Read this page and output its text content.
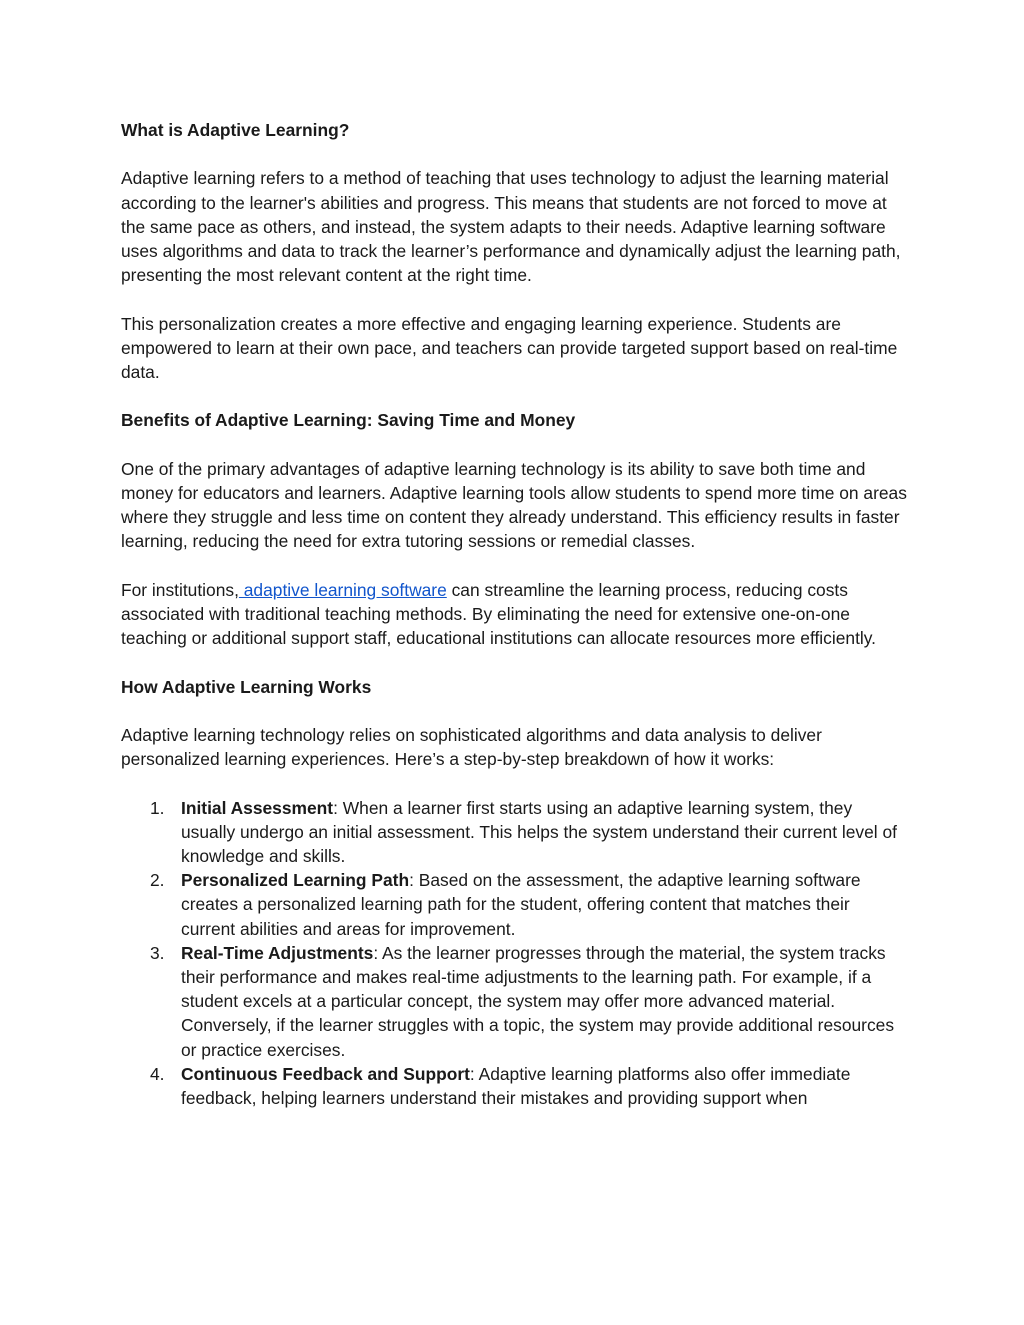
What is Adaptive Learning?

Adaptive learning refers to a method of teaching that uses technology to adjust the learning material according to the learner's abilities and progress. This means that students are not forced to move at the same pace as others, and instead, the system adapts to their needs. Adaptive learning software uses algorithms and data to track the learner’s performance and dynamically adjust the learning path, presenting the most relevant content at the right time.

This personalization creates a more effective and engaging learning experience. Students are empowered to learn at their own pace, and teachers can provide targeted support based on real-time data.

Benefits of Adaptive Learning: Saving Time and Money

One of the primary advantages of adaptive learning technology is its ability to save both time and money for educators and learners. Adaptive learning tools allow students to spend more time on areas where they struggle and less time on content they already understand. This efficiency results in faster learning, reducing the need for extra tutoring sessions or remedial classes.

For institutions, adaptive learning software can streamline the learning process, reducing costs associated with traditional teaching methods. By eliminating the need for extensive one-on-one teaching or additional support staff, educational institutions can allocate resources more efficiently.

How Adaptive Learning Works

Adaptive learning technology relies on sophisticated algorithms and data analysis to deliver personalized learning experiences. Here’s a step-by-step breakdown of how it works:

1. Initial Assessment: When a learner first starts using an adaptive learning system, they usually undergo an initial assessment. This helps the system understand their current level of knowledge and skills.
2. Personalized Learning Path: Based on the assessment, the adaptive learning software creates a personalized learning path for the student, offering content that matches their current abilities and areas for improvement.
3. Real-Time Adjustments: As the learner progresses through the material, the system tracks their performance and makes real-time adjustments to the learning path. For example, if a student excels at a particular concept, the system may offer more advanced material. Conversely, if the learner struggles with a topic, the system may provide additional resources or practice exercises.
4. Continuous Feedback and Support: Adaptive learning platforms also offer immediate feedback, helping learners understand their mistakes and providing support when
